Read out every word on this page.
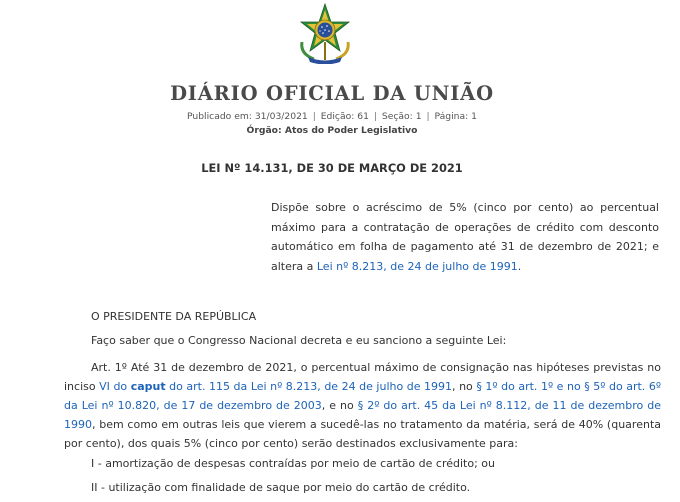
DIÁRIO OFICIAL DA UNIÃO
Publicado em: 31/03/2021 | Edição: 61 | Seção: 1 | Página: 1
Órgão: Atos do Poder Legislativo
LEI Nº 14.131, DE 30 DE MARÇO DE 2021
Dispõe sobre o acréscimo de 5% (cinco por cento) ao percentual máximo para a contratação de operações de crédito com desconto automático em folha de pagamento até 31 de dezembro de 2021; e altera a Lei nº 8.213, de 24 de julho de 1991.
O PRESIDENTE DA REPÚBLICA
Faço saber que o Congresso Nacional decreta e eu sanciono a seguinte Lei:
Art. 1º Até 31 de dezembro de 2021, o percentual máximo de consignação nas hipóteses previstas no inciso VI do caput do art. 115 da Lei nº 8.213, de 24 de julho de 1991, no § 1º do art. 1º e no § 5º do art. 6º da Lei nº 10.820, de 17 de dezembro de 2003, e no § 2º do art. 45 da Lei nº 8.112, de 11 de dezembro de 1990, bem como em outras leis que vierem a sucedê-las no tratamento da matéria, será de 40% (quarenta por cento), dos quais 5% (cinco por cento) serão destinados exclusivamente para:
I - amortização de despesas contraídas por meio de cartão de crédito; ou
II - utilização com finalidade de saque por meio do cartão de crédito.
